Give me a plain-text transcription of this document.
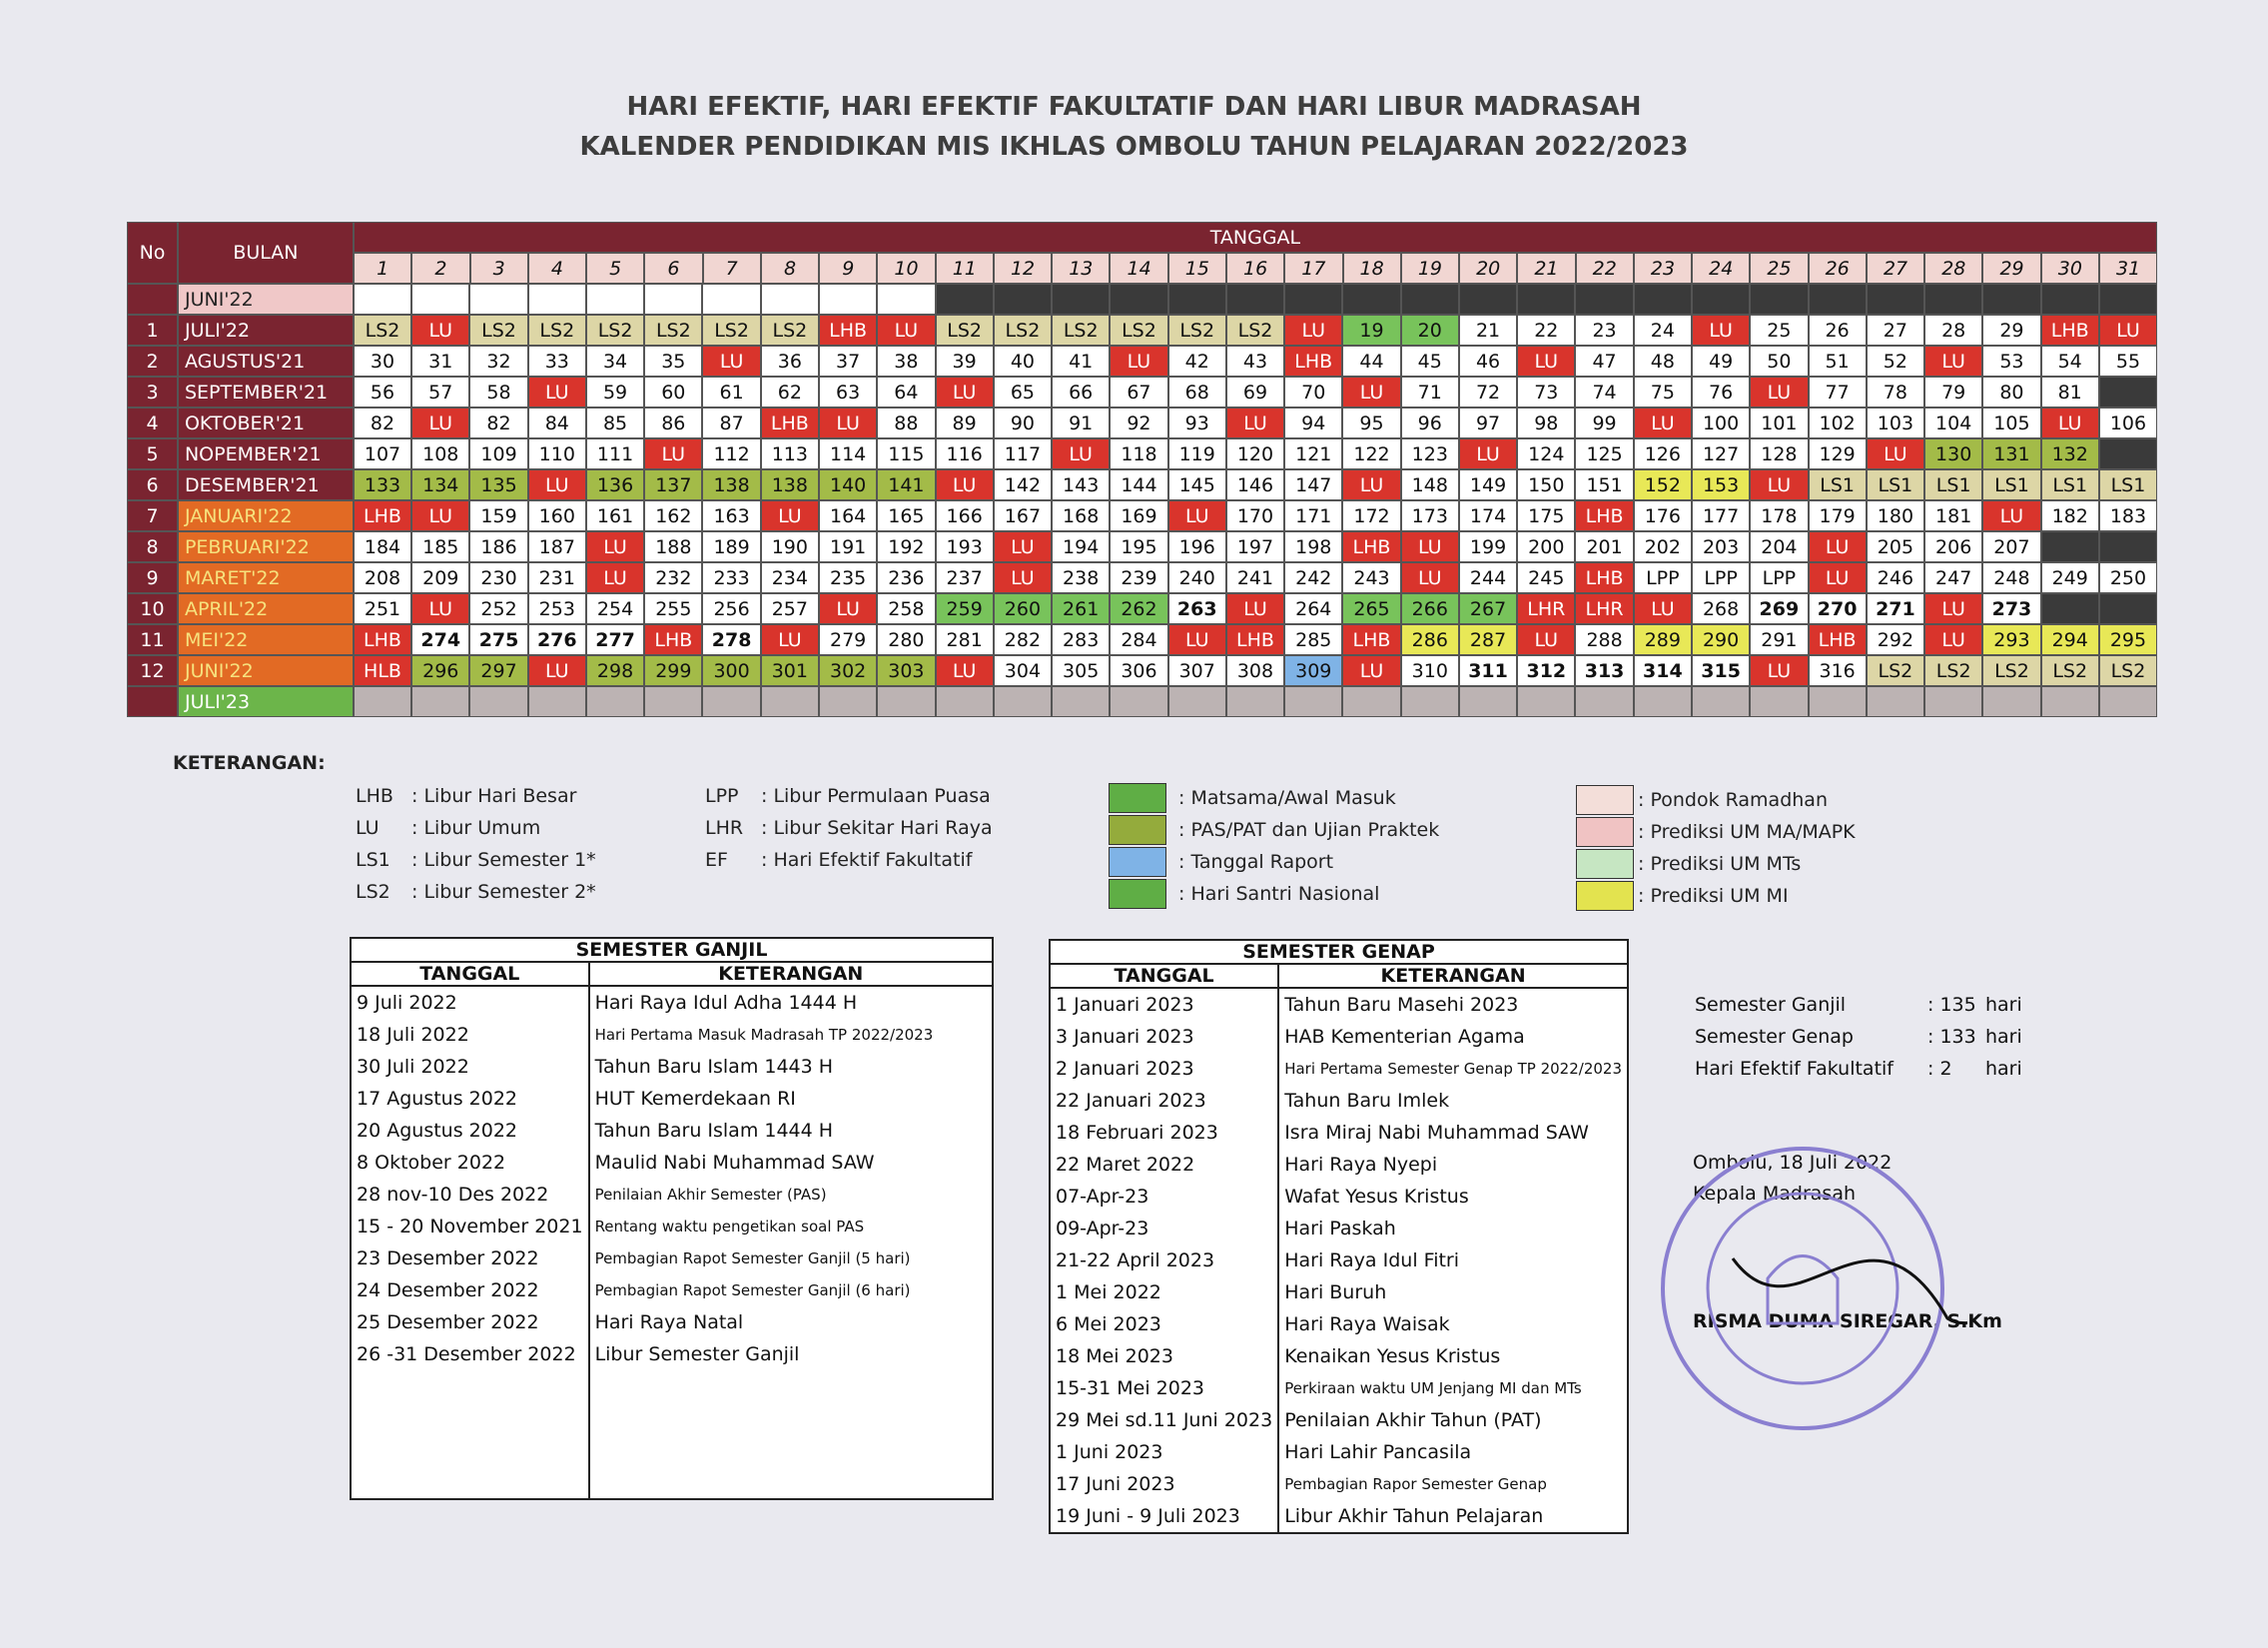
HARI EFEKTIF, HARI EFEKTIF FAKULTATIF DAN HARI LIBUR MADRASAH
KALENDER PENDIDIKAN MIS IKHLAS OMBOLU TAHUN PELAJARAN 2022/2023
No	BULAN
TANGGAL
1	2	3	4	5	6	7	8	9	10	11	12	13	14	15	16	17	18	19	20	21	22	23	24	25	26	27	28	29	30	31
JUNI'22
1	JULI'22	LS2	LU	LS2	LS2	LS2	LS2	LS2	LS2	LHB	LU	LS2	LS2	LS2	LS2	LS2	LS2	LU	19	20	21	22	23	24	LU	25	26	27	28	29	LHB	LU
2	AGUSTUS'21	30	31	32	33	34	35	LU	36	37	38	39	40	41	LU	42	43	LHB	44	45	46	LU	47	48	49	50	51	52	LU	53	54	55
3	SEPTEMBER'21	56	57	58	LU	59	60	61	62	63	64	LU	65	66	67	68	69	70	LU	71	72	73	74	75	76	LU	77	78	79	80	81
4	OKTOBER'21	82	LU	82	84	85	86	87	LHB	LU	88	89	90	91	92	93	LU	94	95	96	97	98	99	LU	100	101	102	103	104	105	LU	106
5	NOPEMBER'21	107	108	109	110	111	LU	112	113	114	115	116	117	LU	118	119	120	121	122	123	LU	124	125	126	127	128	129	LU	130	131	132
6	DESEMBER'21	133	134	135	LU	136	137	138	138	140	141	LU	142	143	144	145	146	147	LU	148	149	150	151	152	153	LU	LS1	LS1	LS1	LS1	LS1	LS1
7	JANUARI'22	LHB	LU	159	160	161	162	163	LU	164	165	166	167	168	169	LU	170	171	172	173	174	175	LHB	176	177	178	179	180	181	LU	182	183
8	PEBRUARI'22	184	185	186	187	LU	188	189	190	191	192	193	LU	194	195	196	197	198	LHB	LU	199	200	201	202	203	204	LU	205	206	207
9	MARET'22	208	209	230	231	LU	232	233	234	235	236	237	LU	238	239	240	241	242	243	LU	244	245	LHB	LPP	LPP	LPP	LU	246	247	248	249	250
10	APRIL'22	251	LU	252	253	254	255	256	257	LU	258	259	260	261	262	263	LU	264	265	266	267	LHR	LHR	LU	268	269 270 271	LU	273
11	MEI'22	LHB	274 275 276 277	LHB	278	LU	279	280	281	282	283	284	LU	LHB	285	LHB	286	287	LU	288	289	290	291	LHB	292	LU	293	294	295
12	JUNI'22	HLB	296	297	LU	298	299	300	301	302	303	LU	304	305	306	307	308	309	LU	310	311 312 313 314 315	LU	316	LS2	LS2	LS2	LS2	LS2
JULI'23
KETERANGAN:
LHB : Libur Hari Besar
LU : Libur Umum
LS1 : Libur Semester 1*
LS2 : Libur Semester 2*
LPP : Libur Permulaan Puasa
LHR : Libur Sekitar Hari Raya
EF : Hari Efektif Fakultatif
: Matsama/Awal Masuk
: PAS/PAT dan Ujian Praktek
: Tanggal Raport
: Hari Santri Nasional
: Pondok Ramadhan
: Prediksi UM MA/MAPK
: Prediksi UM MTs
: Prediksi UM MI
SEMESTER GANJIL	
TANGGAL	KETERANGAN
9 Juli 2022	Hari Raya Idul Adha 1444 H
18 Juli 2022	Hari Pertama Masuk Madrasah TP 2022/2023
30 Juli 2022	Tahun Baru Islam 1443 H
17 Agustus 2022	HUT Kemerdekaan RI
20 Agustus 2022	Tahun Baru Islam 1444 H
8 Oktober 2022	Maulid Nabi Muhammad SAW
28 nov-10 Des 2022	Penilaian Akhir Semester (PAS)
15 - 20 November 2021	Rentang waktu pengetikan soal PAS
23 Desember 2022	Pembagian Rapot Semester Ganjil (5 hari)
24 Desember 2022	Pembagian Rapot Semester Ganjil (6 hari)
25 Desember 2022	Hari Raya Natal
26 -31 Desember 2022	Libur Semester Ganjil

SEMESTER GENAP	
TANGGAL	KETERANGAN
1 Januari 2023	Tahun Baru Masehi 2023
3 Januari 2023	HAB Kementerian Agama
2 Januari 2023	Hari Pertama Semester Genap TP 2022/2023
22 Januari 2023	Tahun Baru Imlek
18 Februari 2023	Isra Miraj Nabi Muhammad SAW
22 Maret 2022	Hari Raya Nyepi
07-Apr-23	Wafat Yesus Kristus
09-Apr-23	Hari Paskah
21-22 April 2023	Hari Raya Idul Fitri
1 Mei 2022	Hari Buruh
6 Mei 2023	Hari Raya Waisak
18 Mei 2023	Kenaikan Yesus Kristus
15-31 Mei 2023	Perkiraan waktu UM Jenjang MI dan MTs
29 Mei sd.11 Juni 2023	Penilaian Akhir Tahun (PAT)
1 Juni 2023	Hari Lahir Pancasila
17 Juni 2023	Pembagian Rapor Semester Genap
19 Juni - 9 Juli 2023	Libur Akhir Tahun Pelajaran
Semester Ganjil	: 135 hari
Semester Genap	: 133 hari
Hari Efektif Fakultatif : 2 hari
Ombolu, 18 Juli 2022
Kepala Madrasah
RISMA DUMA SIREGAR, S.Km
